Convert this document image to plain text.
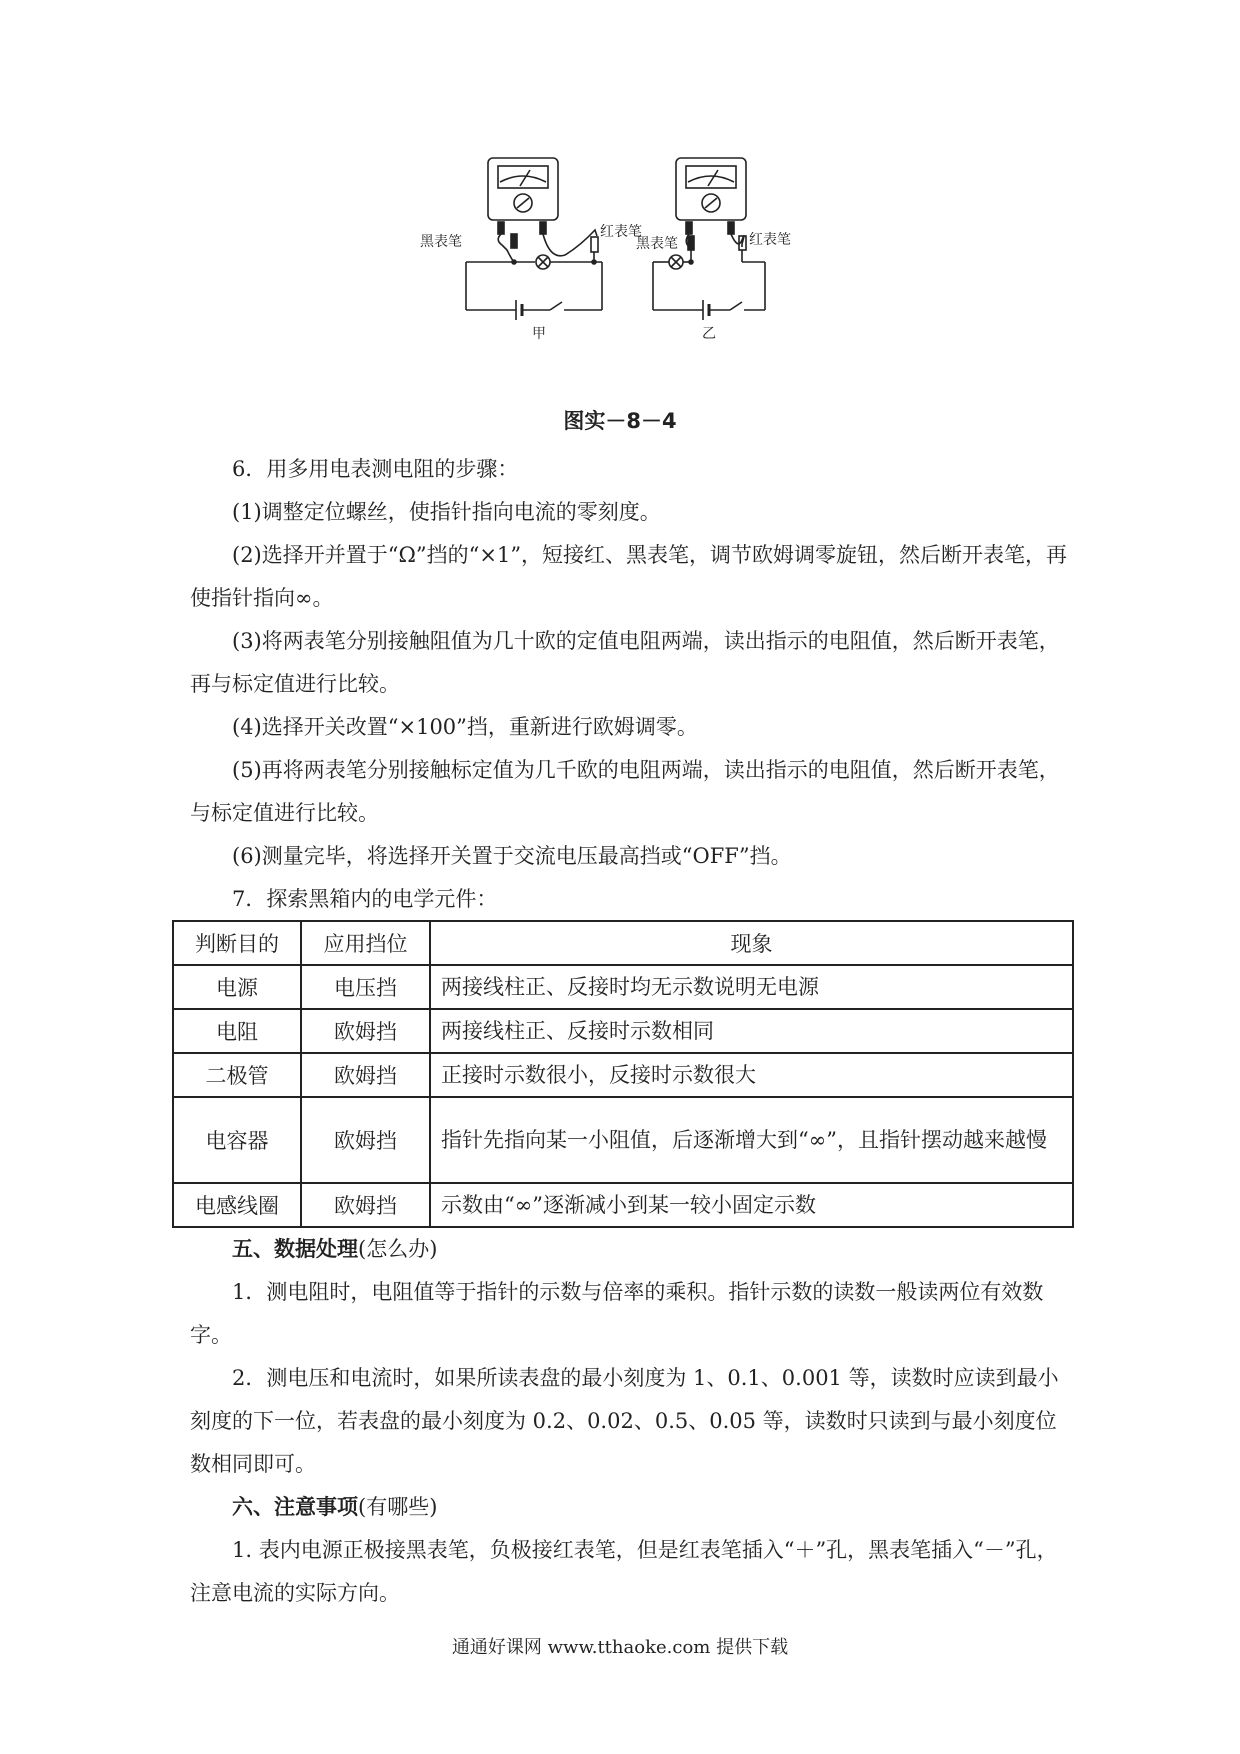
黑表笔
红表笔
甲
黑表笔	红表笔
乙
图实－8－4
6．用多用电表测电阻的步骤：
(1)调整定位螺丝，使指针指向电流的零刻度。
(2)选择开并置于“Ω”挡的“×1”，短接红、黑表笔，调节欧姆调零旋钮，然后断开表笔，再使指针指向∞。
(3)将两表笔分别接触阻值为几十欧的定值电阻两端，读出指示的电阻值，然后断开表笔，再与标定值进行比较。
(4)选择开关改置“×100”挡，重新进行欧姆调零。
(5)再将两表笔分别接触标定值为几千欧的电阻两端，读出指示的电阻值，然后断开表笔，与标定值进行比较。
(6)测量完毕，将选择开关置于交流电压最高挡或“OFF”挡。
7．探索黑箱内的电学元件：
判断目的	应用挡位	现象
电源	电压挡	两接线柱正、反接时均无示数说明无电源
电阻	欧姆挡	两接线柱正、反接时示数相同
二极管	欧姆挡	正接时示数很小，反接时示数很大
电容器	欧姆挡	指针先指向某一小阻值，后逐渐增大到“∞”，且指针摆动越来越慢
电感线圈	欧姆挡	示数由“∞”逐渐减小到某一较小固定示数
五、数据处理(怎么办)
1．测电阻时，电阻值等于指针的示数与倍率的乘积。指针示数的读数一般读两位有效数字。
2．测电压和电流时，如果所读表盘的最小刻度为 1、0.1、0.001 等，读数时应读到最小刻度的下一位，若表盘的最小刻度为 0.2、0.02、0.5、0.05 等，读数时只读到与最小刻度位数相同即可。
六、注意事项(有哪些)
1. 表内电源正极接黑表笔，负极接红表笔，但是红表笔插入“＋”孔，黑表笔插入“－”孔，注意电流的实际方向。
通通好课网 www.tthaoke.com 提供下载
